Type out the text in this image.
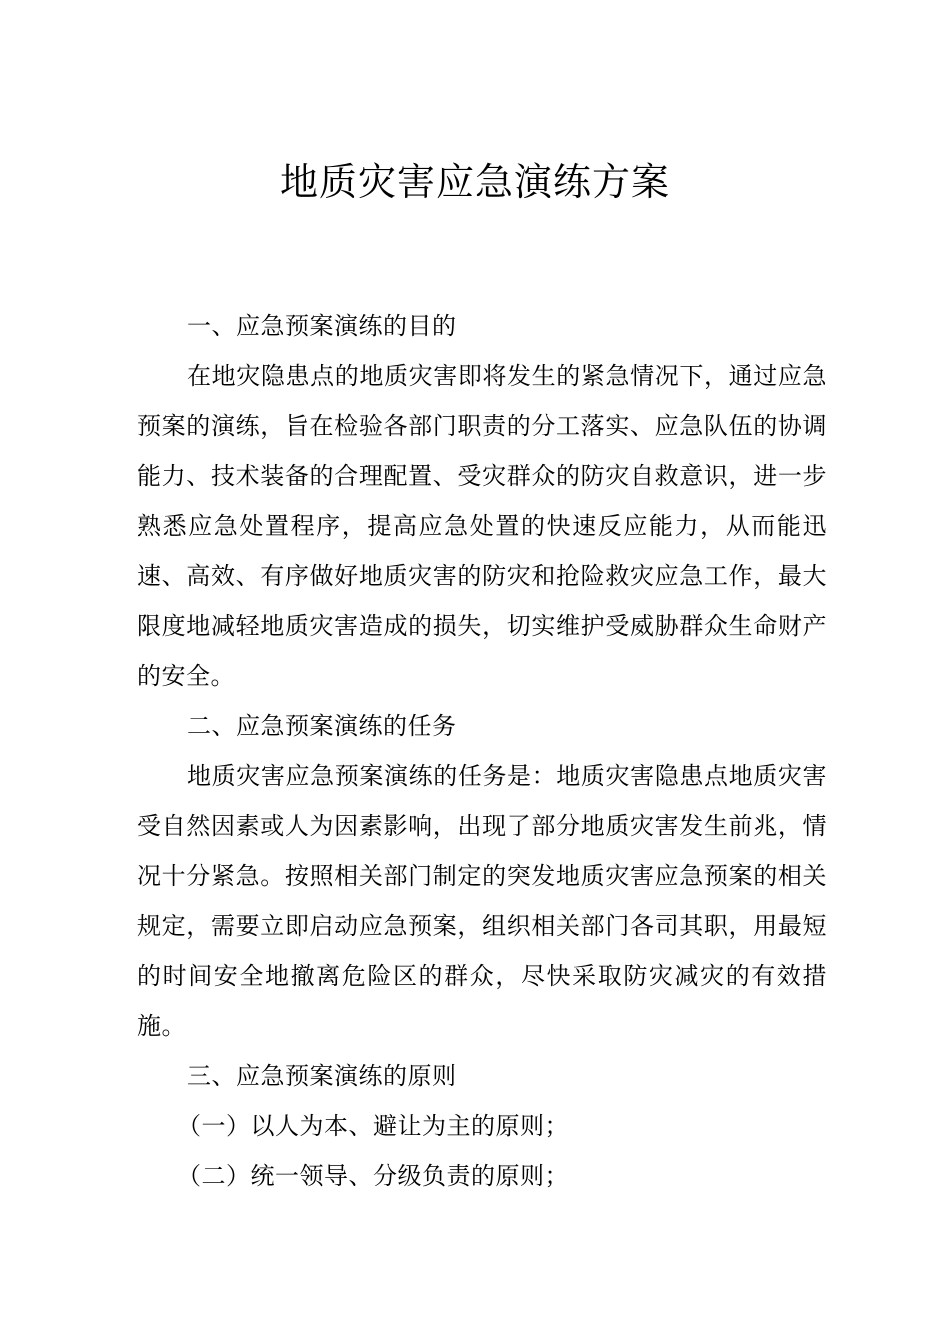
地质灾害应急演练方案

一、应急预案演练的目的

在地灾隐患点的地质灾害即将发生的紧急情况下，通过应急预案的演练，旨在检验各部门职责的分工落实、应急队伍的协调能力、技术装备的合理配置、受灾群众的防灾自救意识，进一步熟悉应急处置程序，提高应急处置的快速反应能力，从而能迅速、高效、有序做好地质灾害的防灾和抢险救灾应急工作，最大限度地减轻地质灾害造成的损失，切实维护受威胁群众生命财产的安全。

二、应急预案演练的任务

地质灾害应急预案演练的任务是：地质灾害隐患点地质灾害受自然因素或人为因素影响，出现了部分地质灾害发生前兆，情况十分紧急。按照相关部门制定的突发地质灾害应急预案的相关规定，需要立即启动应急预案，组织相关部门各司其职，用最短的时间安全地撤离危险区的群众，尽快采取防灾减灾的有效措施。

三、应急预案演练的原则

（一）以人为本、避让为主的原则；

（二）统一领导、分级负责的原则；
